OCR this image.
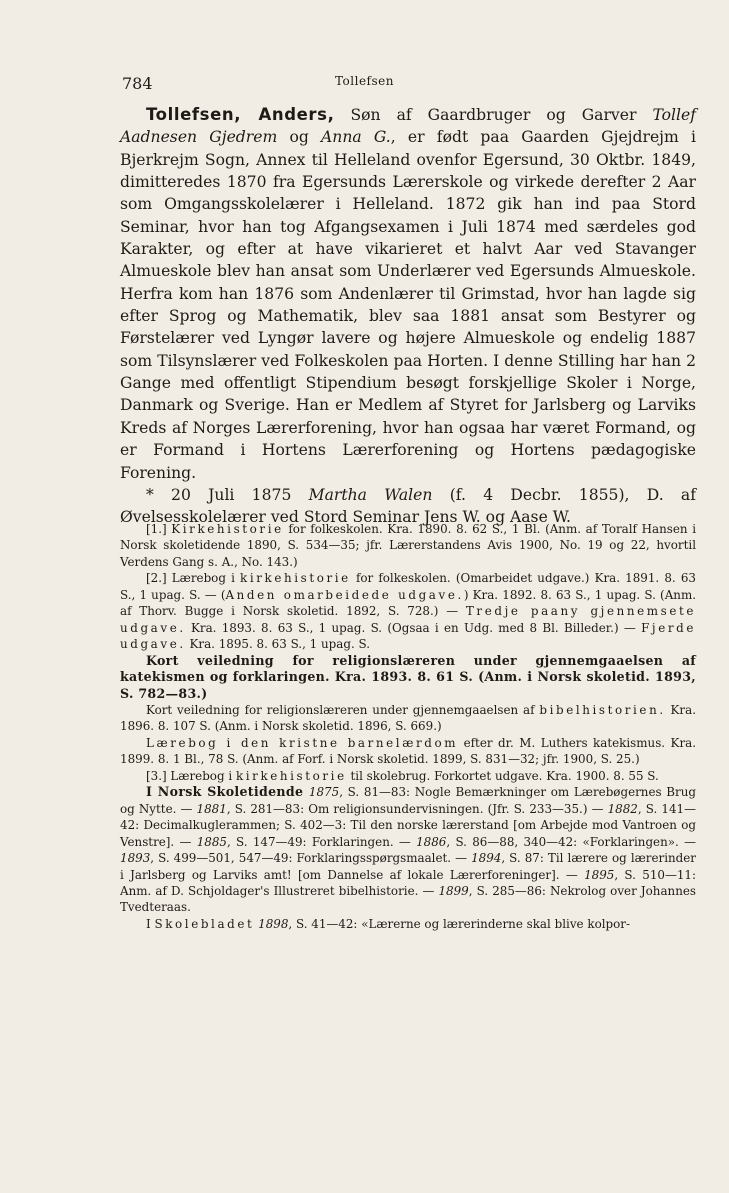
784	Tollefsen

Tollefsen, Anders, Søn af Gaardbruger og Garver Tollef Aadnesen Gjedrem og Anna G., er født paa Gaarden Gjejdrejm i Bjerkrejm Sogn, Annex til Helleland ovenfor Egersund, 30 Oktbr. 1849, dimitteredes 1870 fra Egersunds Lærerskole og virkede derefter 2 Aar som Omgangsskolelærer i Helleland. 1872 gik han ind paa Stord Seminar, hvor han tog Afgangsexamen i Juli 1874 med særdeles god Karakter, og efter at have vikarieret et halvt Aar ved Stavanger Almueskole blev han ansat som Underlærer ved Egersunds Almueskole. Herfra kom han 1876 som Andenlærer til Grimstad, hvor han lagde sig efter Sprog og Mathematik, blev saa 1881 ansat som Bestyrer og Førstelærer ved Lyngør lavere og højere Almueskole og endelig 1887 som Tilsynslærer ved Folkeskolen paa Horten. I denne Stilling har han 2 Gange med offentligt Stipendium besøgt forskjellige Skoler i Norge, Danmark og Sverige. Han er Medlem af Styret for Jarlsberg og Larviks Kreds af Norges Lærerforening, hvor han ogsaa har været Formand, og er Formand i Hortens Lærerforening og Hortens pædagogiske Forening.

* 20 Juli 1875 Martha Walen (f. 4 Decbr. 1855), D. af Øvelsesskolelærer ved Stord Seminar Jens W. og Aase W.

[1.] Kirkehistorie for folkeskolen. Kra. 1890. 8. 62 S., 1 Bl. (Anm. af Toralf Hansen i Norsk skoletidende 1890, S. 534—35; jfr. Lærerstandens Avis 1900, No. 19 og 22, hvortil Verdens Gang s. A., No. 143.)

[2.] Lærebog i kirkehistorie for folkeskolen. (Omarbeidet udgave.) Kra. 1891. 8. 63 S., 1 upag. S. — (Anden omarbeidede udgave.) Kra. 1892. 8. 63 S., 1 upag. S. (Anm. af Thorv. Bugge i Norsk skoletid. 1892, S. 728.) — Tredje paany gjennemsete udgave. Kra. 1893. 8. 63 S., 1 upag. S. (Ogsaa i en Udg. med 8 Bl. Billeder.) — Fjerde udgave. Kra. 1895. 8. 63 S., 1 upag. S.

Kort veiledning for religionslæreren under gjennemgaaelsen af katekismen og forklaringen. Kra. 1893. 8. 61 S. (Anm. i Norsk skoletid. 1893, S. 782—83.)

Kort veiledning for religionslæreren under gjennemgaaelsen af bibelhistorien. Kra. 1896. 8. 107 S. (Anm. i Norsk skoletid. 1896, S. 669.)

Lærebog i den kristne barnelærdom efter dr. M. Luthers katekismus. Kra. 1899. 8. 1 Bl., 78 S. (Anm. af Forf. i Norsk skoletid. 1899, S. 831—32; jfr. 1900, S. 25.)

[3.] Lærebog i kirkehistorie til skolebrug. Forkortet udgave. Kra. 1900. 8. 55 S.

I Norsk Skoletidende 1875, S. 81—83: Nogle Bemærkninger om Lærebøgernes Brug og Nytte. — 1881, S. 281—83: Om religionsundervisningen. (Jfr. S. 233—35.) — 1882, S. 141—42: Decimalkuglerammen; S. 402—3: Til den norske lærerstand [om Arbejde mod Vantroen og Venstre]. — 1885, S. 147—49: Forklaringen. — 1886, S. 86—88, 340—42: «Forklaringen». — 1893, S. 499—501, 547—49: Forklaringsspørgsmaalet. — 1894, S. 87: Til lærere og lærerinder i Jarlsberg og Larviks amt! [om Dannelse af lokale Lærerforeninger]. — 1895, S. 510—11: Anm. af D. Schjoldager's Illustreret bibelhistorie. — 1899, S. 285—86: Nekrolog over Johannes Tvedteraas.

I Skolebladet 1898, S. 41—42: «Lærerne og lærerinderne skal blive kolpor-
